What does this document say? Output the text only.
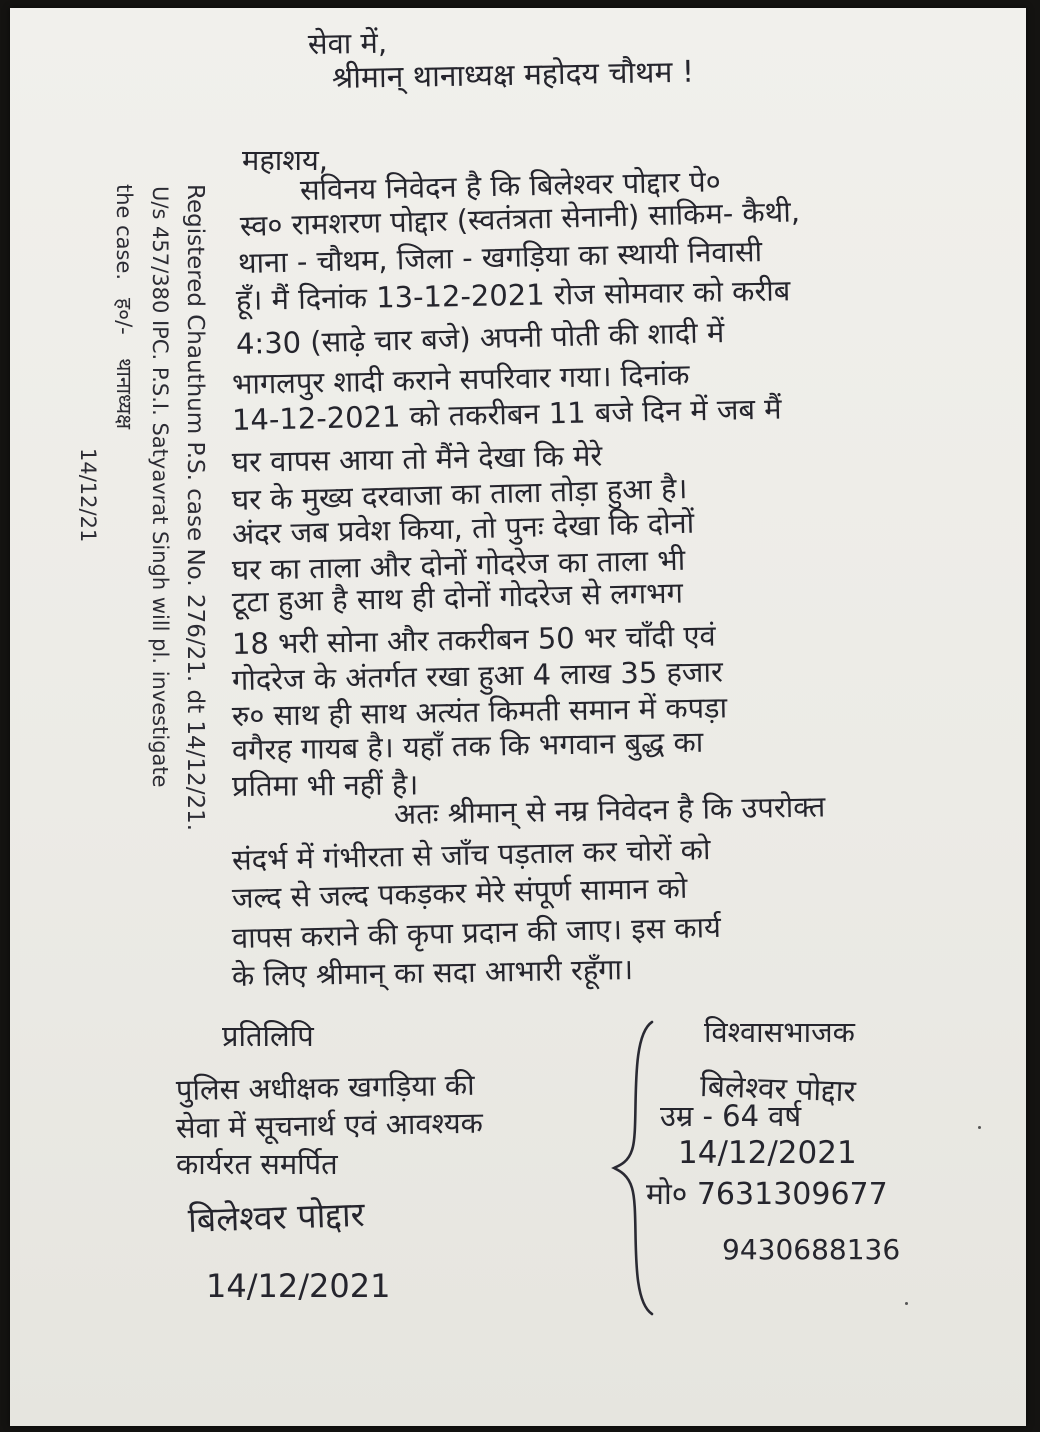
सेवा में,
श्रीमान् थानाध्यक्ष महोदय चौथम !
महाशय,
सविनय निवेदन है कि बिलेश्वर पोद्दार पे०
स्व० रामशरण पोद्दार (स्वतंत्रता सेनानी) साकिम- कैथी,
थाना - चौथम, जिला - खगड़िया का स्थायी निवासी
हूँ। मैं दिनांक 13-12-2021 रोज सोमवार को करीब
4:30 (साढ़े चार बजे) अपनी पोती की शादी में
भागलपुर शादी कराने सपरिवार गया। दिनांक
14-12-2021 को तकरीबन 11 बजे दिन में जब मैं
घर वापस आया तो मैंने देखा कि मेरे
घर के मुख्य दरवाजा का ताला तोड़ा हुआ है।
अंदर जब प्रवेश किया, तो पुनः देखा कि दोनों
घर का ताला और दोनों गोदरेज का ताला भी
टूटा हुआ है साथ ही दोनों गोदरेज से लगभग
18 भरी सोना और तकरीबन 50 भर चाँदी एवं
गोदरेज के अंतर्गत रखा हुआ 4 लाख 35 हजार
रु० साथ ही साथ अत्यंत किमती समान में कपड़ा
वगैरह गायब है। यहाँ तक कि भगवान बुद्ध का
प्रतिमा भी नहीं है।
अतः श्रीमान् से नम्र निवेदन है कि उपरोक्त
संदर्भ में गंभीरता से जाँच पड़ताल कर चोरों को
जल्द से जल्द पकड़कर मेरे संपूर्ण सामान को
वापस कराने की कृपा प्रदान की जाए। इस कार्य
के लिए श्रीमान् का सदा आभारी रहूँगा।
प्रतिलिपि
पुलिस अधीक्षक खगड़िया की
सेवा में सूचनार्थ एवं आवश्यक
कार्यरत समर्पित
बिलेश्वर पोद्दार
14/12/2021
विश्वासभाजक
बिलेश्वर पोद्दार
उम्र - 64 वर्ष
14/12/2021
मो० 7631309677
9430688136
Registered Chauthum P.S. case No. 276/21. dt 14/12/21.
U/s 457/380 IPC. P.S.I. Satyavrat Singh will pl. investigate
the case.
ह०/-
थानाध्यक्ष
14/12/21
